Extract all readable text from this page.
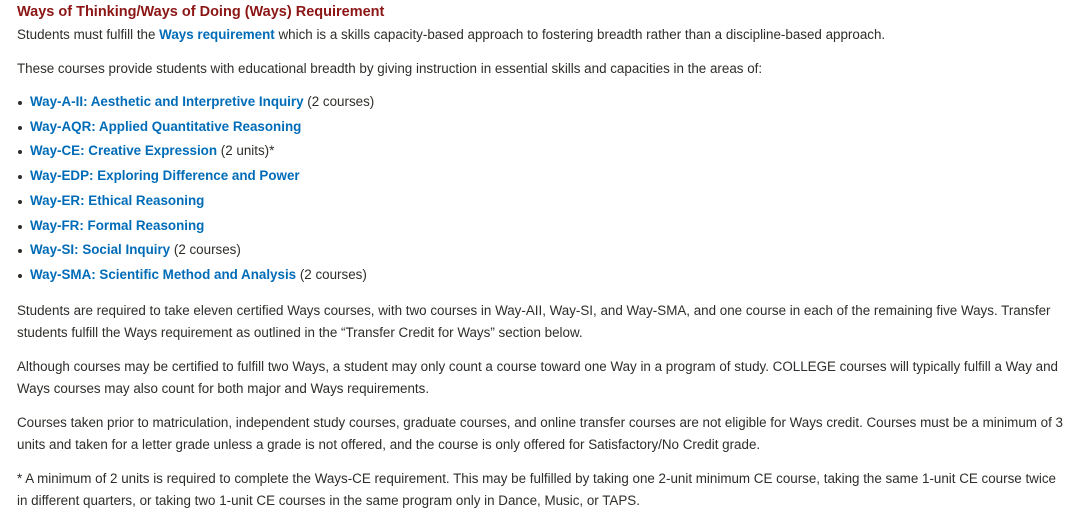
Ways of Thinking/Ways of Doing (Ways) Requirement

Students must fulfill the Ways requirement which is a skills capacity-based approach to fostering breadth rather than a discipline-based approach.

These courses provide students with educational breadth by giving instruction in essential skills and capacities in the areas of:

Way-A-II: Aesthetic and Interpretive Inquiry (2 courses)
Way-AQR: Applied Quantitative Reasoning
Way-CE: Creative Expression (2 units)*
Way-EDP: Exploring Difference and Power
Way-ER: Ethical Reasoning
Way-FR: Formal Reasoning
Way-SI: Social Inquiry (2 courses)
Way-SMA: Scientific Method and Analysis (2 courses)

Students are required to take eleven certified Ways courses, with two courses in Way-AII, Way-SI, and Way-SMA, and one course in each of the remaining five Ways. Transfer students fulfill the Ways requirement as outlined in the “Transfer Credit for Ways” section below.

Although courses may be certified to fulfill two Ways, a student may only count a course toward one Way in a program of study. COLLEGE courses will typically fulfill a Way and Ways courses may also count for both major and Ways requirements.

Courses taken prior to matriculation, independent study courses, graduate courses, and online transfer courses are not eligible for Ways credit. Courses must be a minimum of 3 units and taken for a letter grade unless a grade is not offered, and the course is only offered for Satisfactory/No Credit grade.

* A minimum of 2 units is required to complete the Ways-CE requirement. This may be fulfilled by taking one 2-unit minimum CE course, taking the same 1-unit CE course twice in different quarters, or taking two 1-unit CE courses in the same program only in Dance, Music, or TAPS.
